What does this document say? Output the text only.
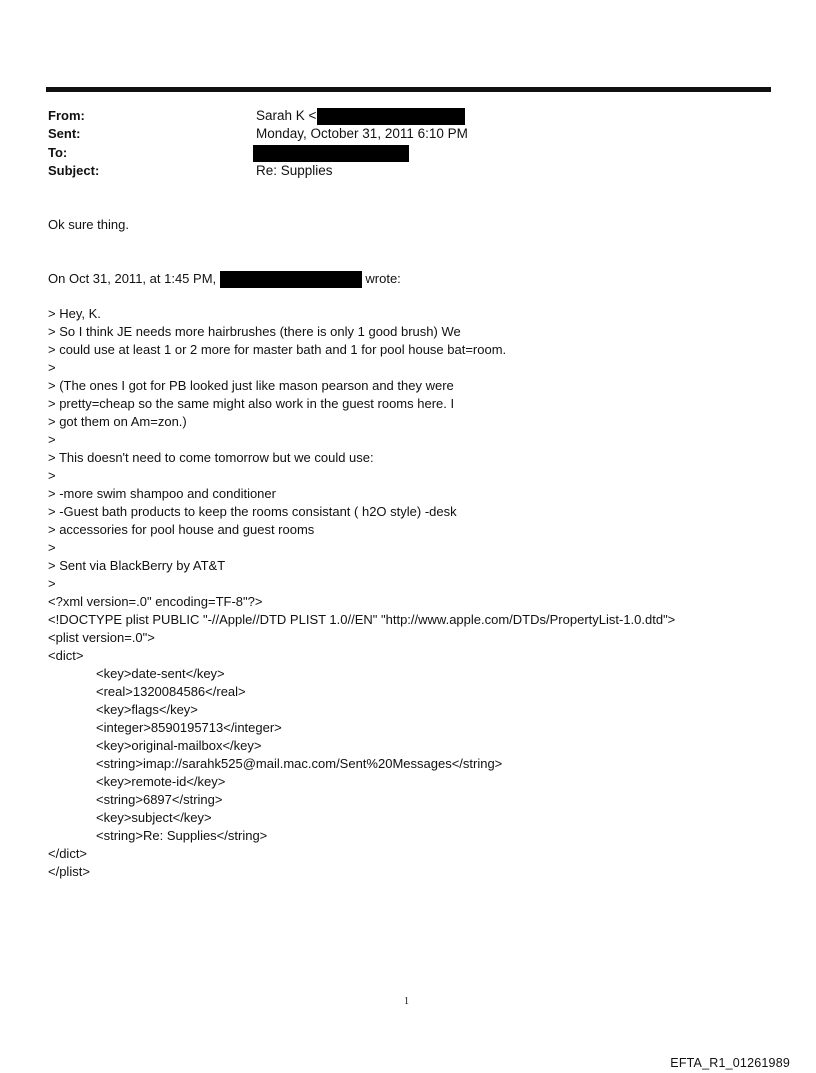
From:	Sarah K <
Sent:	Monday, October 31, 2011 6:10 PM
To:
Subject:	Re: Supplies
Ok sure thing.
On Oct 31, 2011, at 1:45 PM,	wrote:
> Hey, K.
> So I think JE needs more hairbrushes (there is only 1 good brush) We
> could use at least 1 or 2 more for master bath and 1 for pool house bat=room.
>
> (The ones I got for PB looked just like mason pearson and they were
> pretty=cheap so the same might also work in the guest rooms here. I
> got them on Am=zon.)
>
> This doesn't need to come tomorrow but we could use:
>
> -more swim shampoo and conditioner
> -Guest bath products to keep the rooms consistant ( h2O style) -desk
> accessories for pool house and guest rooms
>
> Sent via BlackBerry by AT&T
>
<?xml version=.0" encoding=TF-8"?>
<!DOCTYPE plist PUBLIC "-//Apple//DTD PLIST 1.0//EN" "http://www.apple.com/DTDs/PropertyList-1.0.dtd">
<plist version=.0">
<dict>
<key>date-sent</key>
<real>1320084586</real>
<key>flags</key>
<integer>8590195713</integer>
<key>original-mailbox</key>
<string>imap://sarahk525@mail.mac.com/Sent%20Messages</string>
<key>remote-id</key>
<string>6897</string>
<key>subject</key>
<string>Re: Supplies</string>
</dict>
</plist>
1
EFTA_R1_01261989
